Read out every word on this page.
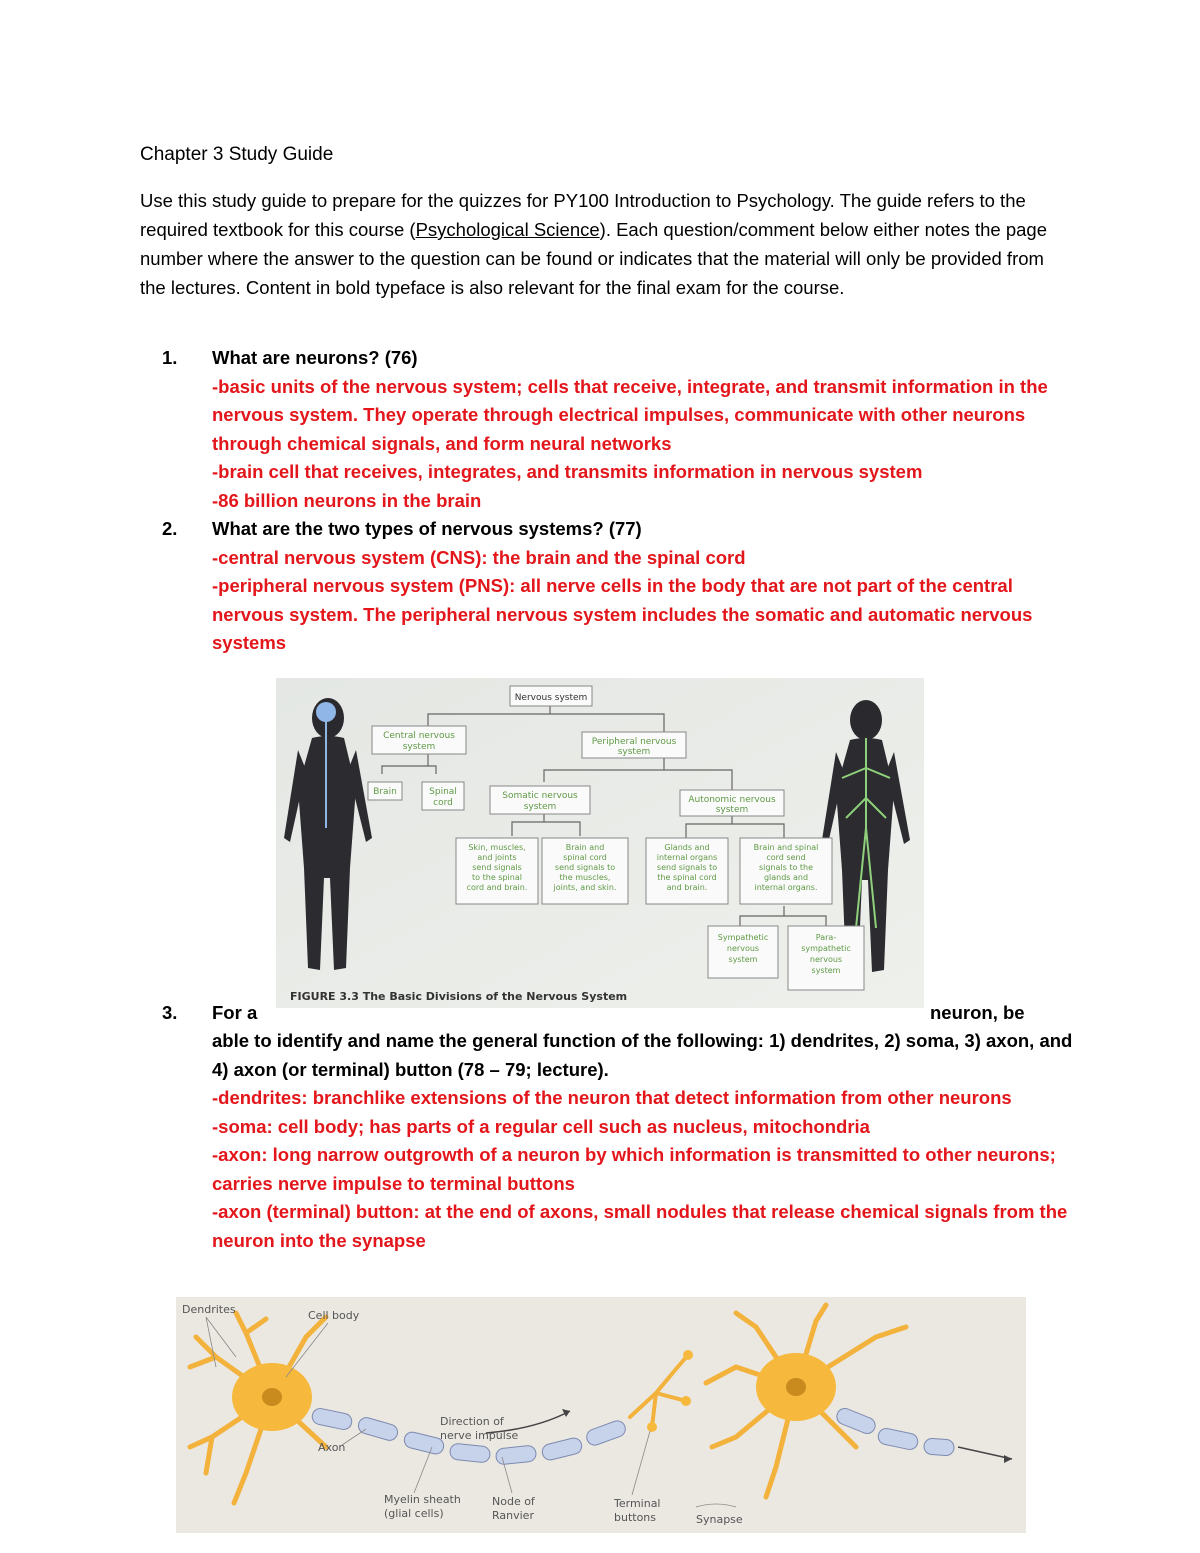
Chapter 3 Study Guide
Use this study guide to prepare for the quizzes for PY100 Introduction to Psychology. The guide refers to the required textbook for this course (Psychological Science). Each question/comment below either notes the page number where the answer to the question can be found or indicates that the material will only be provided from the lectures. Content in bold typeface is also relevant for the final exam for the course.
1. What are neurons? (76)
-basic units of the nervous system; cells that receive, integrate, and transmit information in the nervous system. They operate through electrical impulses, communicate with other neurons through chemical signals, and form neural networks
-brain cell that receives, integrates, and transmits information in nervous system
-86 billion neurons in the brain
2. What are the two types of nervous systems? (77)
-central nervous system (CNS): the brain and the spinal cord
-peripheral nervous system (PNS): all nerve cells in the body that are not part of the central nervous system. The peripheral nervous system includes the somatic and automatic nervous systems
Nervous system
Central nervous
system	Peripheral nervous
system
Brain	Spinal
cord
Somatic nervous
system
Autonomic nervous
system
Skin, muscles,
and joints
send signals
to the spinal
cord and brain.
Brain and
spinal cord
send signals to
the muscles,
joints, and skin.
Glands and
internal organs
send signals to
the spinal cord
and brain.
Brain and spinal
cord send
signals to the
glands and
internal organs.
Sympathetic
nervous
system
Para-
sympathetic
nervous
system
FIGURE 3.3 The Basic Divisions of the Nervous System
3. For a	neuron, be
able to identify and name the general function of the following: 1) dendrites, 2) soma, 3) axon, and 4) axon (or terminal) button (78 – 79; lecture).
-dendrites: branchlike extensions of the neuron that detect information from other neurons
-soma: cell body; has parts of a regular cell such as nucleus, mitochondria
-axon: long narrow outgrowth of a neuron by which information is transmitted to other neurons; carries nerve impulse to terminal buttons
-axon (terminal) button: at the end of axons, small nodules that release chemical signals from the neuron into the synapse
Dendrites	Cell body
Axon
Direction of
nerve impulse
Myelin sheath
(glial cells)
Node of
Ranvier
Terminal
buttons	Synapse
